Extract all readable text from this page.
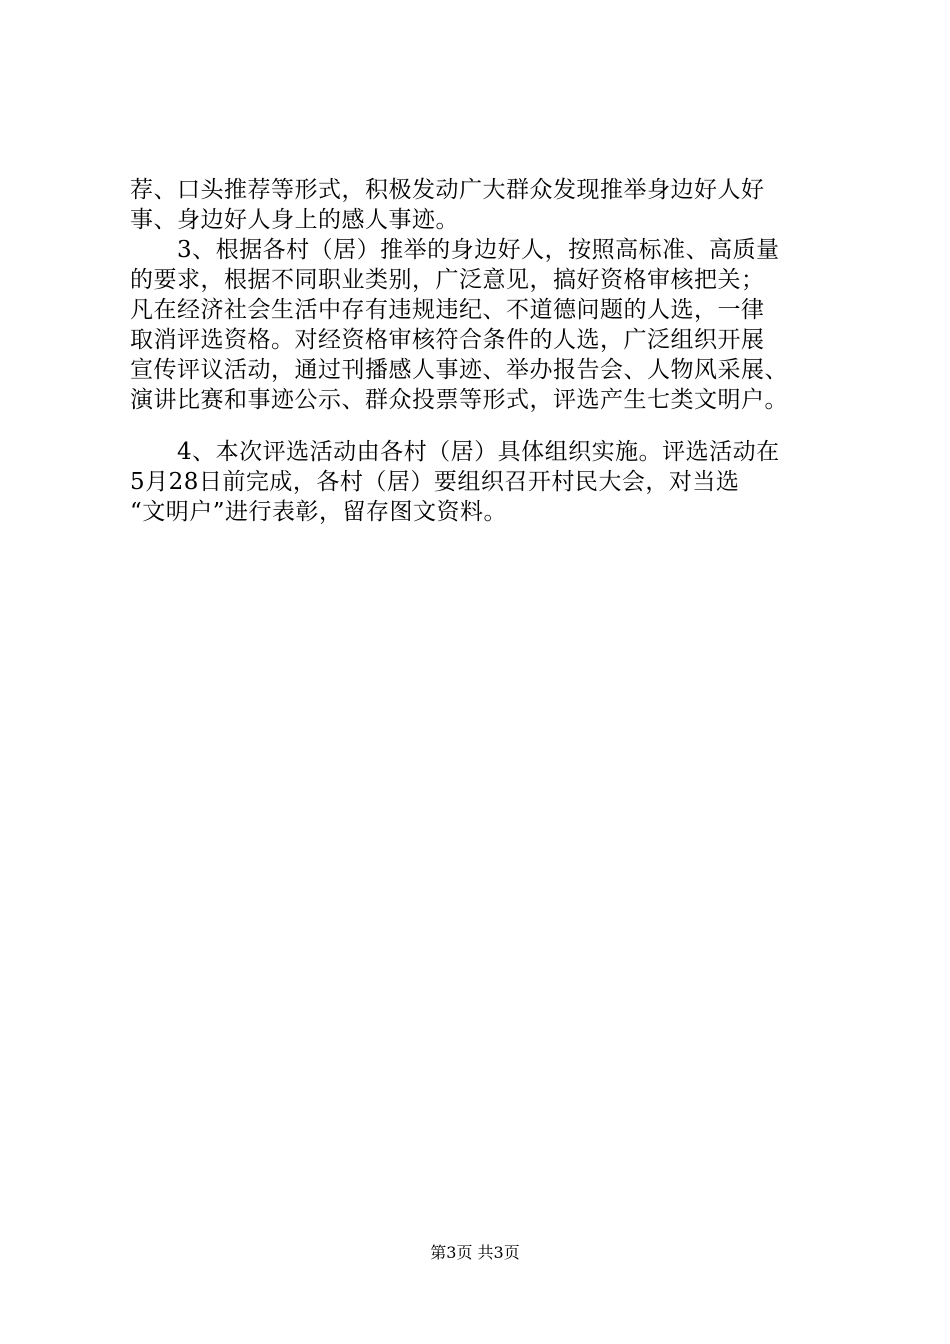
荐、口头推荐等形式，积极发动广大群众发现推举身边好人好
事、身边好人身上的感人事迹。
　　3、根据各村（居）推举的身边好人，按照高标准、高质量
的要求，根据不同职业类别，广泛意见，搞好资格审核把关；
凡在经济社会生活中存有违规违纪、不道德问题的人选，一律
取消评选资格。对经资格审核符合条件的人选，广泛组织开展
宣传评议活动，通过刊播感人事迹、举办报告会、人物风采展、
演讲比赛和事迹公示、群众投票等形式，评选产生七类文明户。
　　4、本次评选活动由各村（居）具体组织实施。评选活动在
5月28日前完成，各村（居）要组织召开村民大会，对当选
“文明户”进行表彰，留存图文资料。
第3页 共3页
